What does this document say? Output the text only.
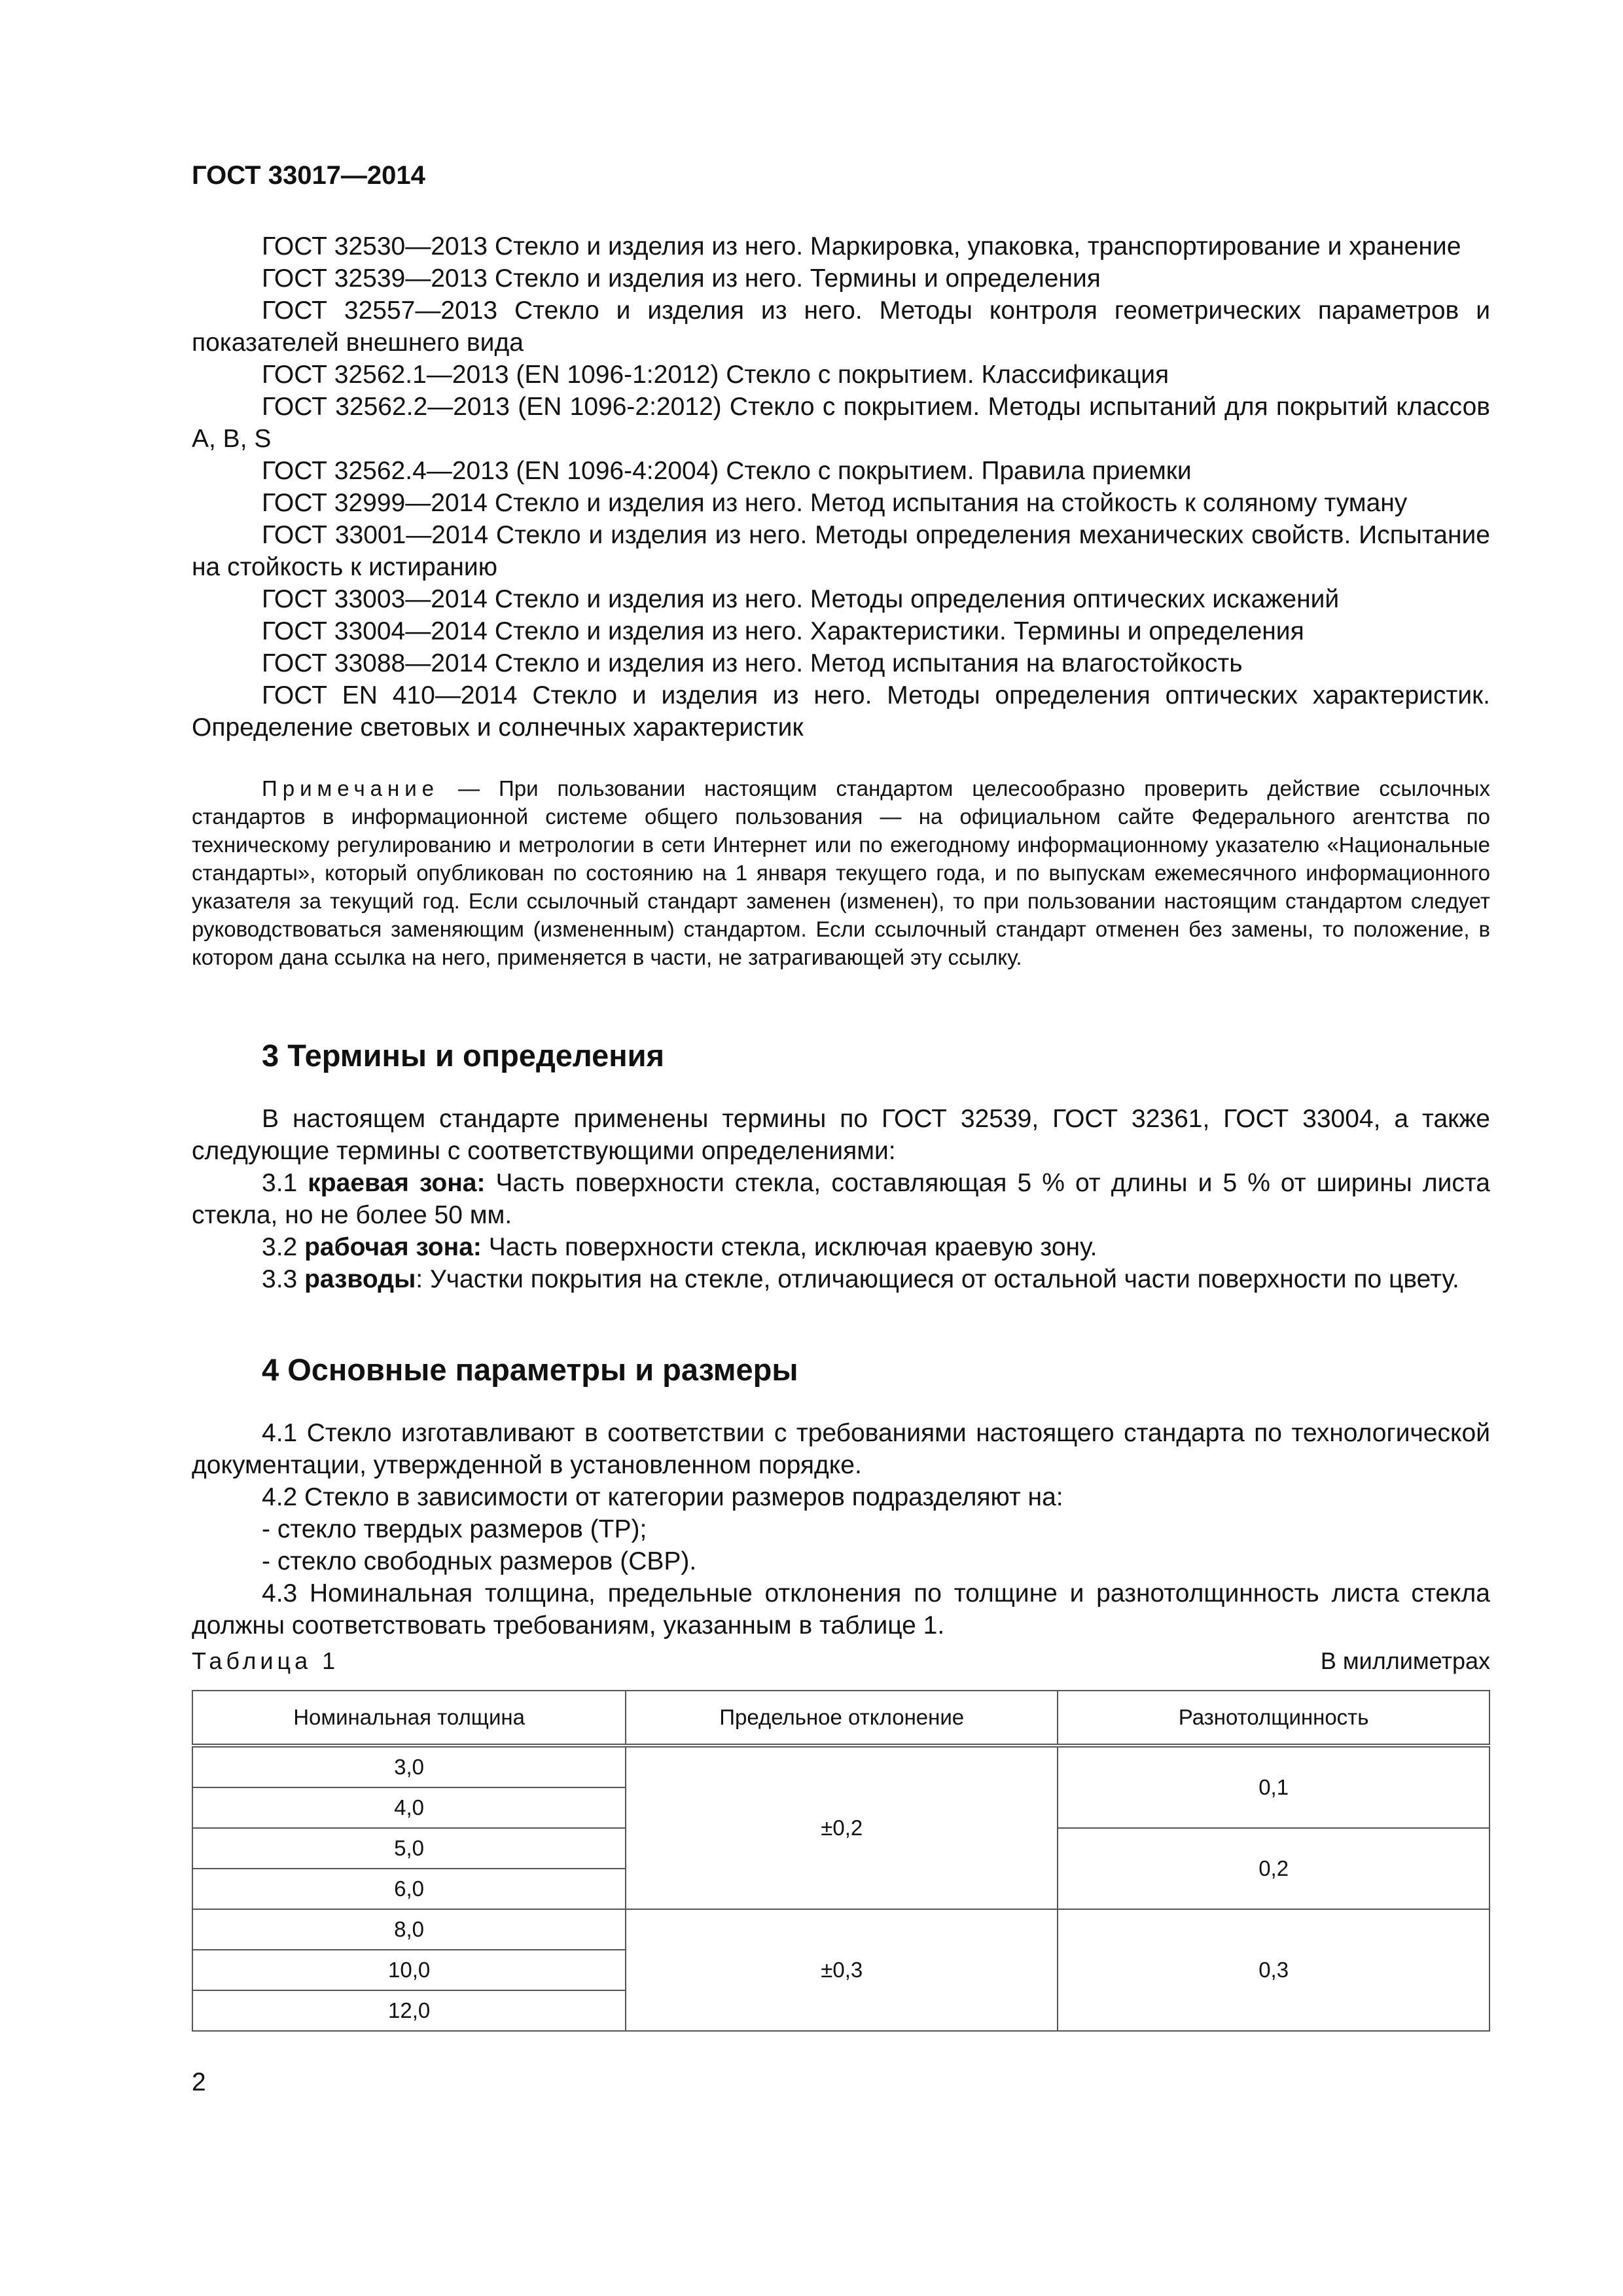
ГОСТ 33017—2014

ГОСТ 32530—2013 Стекло и изделия из него. Маркировка, упаковка, транспортирование и хранение

ГОСТ 32539—2013 Стекло и изделия из него. Термины и определения

ГОСТ 32557—2013 Стекло и изделия из него. Методы контроля геометрических параметров и показателей внешнего вида

ГОСТ 32562.1—2013 (EN 1096-1:2012) Стекло с покрытием. Классификация

ГОСТ 32562.2—2013 (EN 1096-2:2012) Стекло с покрытием. Методы испытаний для покрытий классов А, В, S

ГОСТ 32562.4—2013 (EN 1096-4:2004) Стекло с покрытием. Правила приемки

ГОСТ 32999—2014 Стекло и изделия из него. Метод испытания на стойкость к соляному туману

ГОСТ 33001—2014 Стекло и изделия из него. Методы определения механических свойств. Испытание на стойкость к истиранию

ГОСТ 33003—2014 Стекло и изделия из него. Методы определения оптических искажений

ГОСТ 33004—2014 Стекло и изделия из него. Характеристики. Термины и определения

ГОСТ 33088—2014 Стекло и изделия из него. Метод испытания на влагостойкость

ГОСТ EN 410—2014 Стекло и изделия из него. Методы определения оптических характеристик. Определение световых и солнечных характеристик

Примечание — При пользовании настоящим стандартом целесообразно проверить действие ссылочных стандартов в информационной системе общего пользования — на официальном сайте Федерального агентства по техническому регулированию и метрологии в сети Интернет или по ежегодному информационному указателю «Национальные стандарты», который опубликован по состоянию на 1 января текущего года, и по выпускам ежемесячного информационного указателя за текущий год. Если ссылочный стандарт заменен (изменен), то при пользовании настоящим стандартом следует руководствоваться заменяющим (измененным) стандартом. Если ссылочный стандарт отменен без замены, то положение, в котором дана ссылка на него, применяется в части, не затрагивающей эту ссылку.

3 Термины и определения

В настоящем стандарте применены термины по ГОСТ 32539, ГОСТ 32361, ГОСТ 33004, а также следующие термины с соответствующими определениями:

3.1 краевая зона: Часть поверхности стекла, составляющая 5 % от длины и 5 % от ширины листа стекла, но не более 50 мм.

3.2 рабочая зона: Часть поверхности стекла, исключая краевую зону.

3.3 разводы: Участки покрытия на стекле, отличающиеся от остальной части поверхности по цвету.

4 Основные параметры и размеры

4.1 Стекло изготавливают в соответствии с требованиями настоящего стандарта по технологической документации, утвержденной в установленном порядке.

4.2 Стекло в зависимости от категории размеров подразделяют на:

- стекло твердых размеров (ТР);

- стекло свободных размеров (СВР).

4.3 Номинальная толщина, предельные отклонения по толщине и разнотолщинность листа стекла должны соответствовать требованиям, указанным в таблице 1.

Таблица 1	В миллиметрах
Номинальная толщина	Предельное отклонение	Разнотолщинность
3,0	±0,2	0,1
4,0		
5,0		0,2
6,0		
8,0	±0,3	0,3
10,0		
12,0		
2
